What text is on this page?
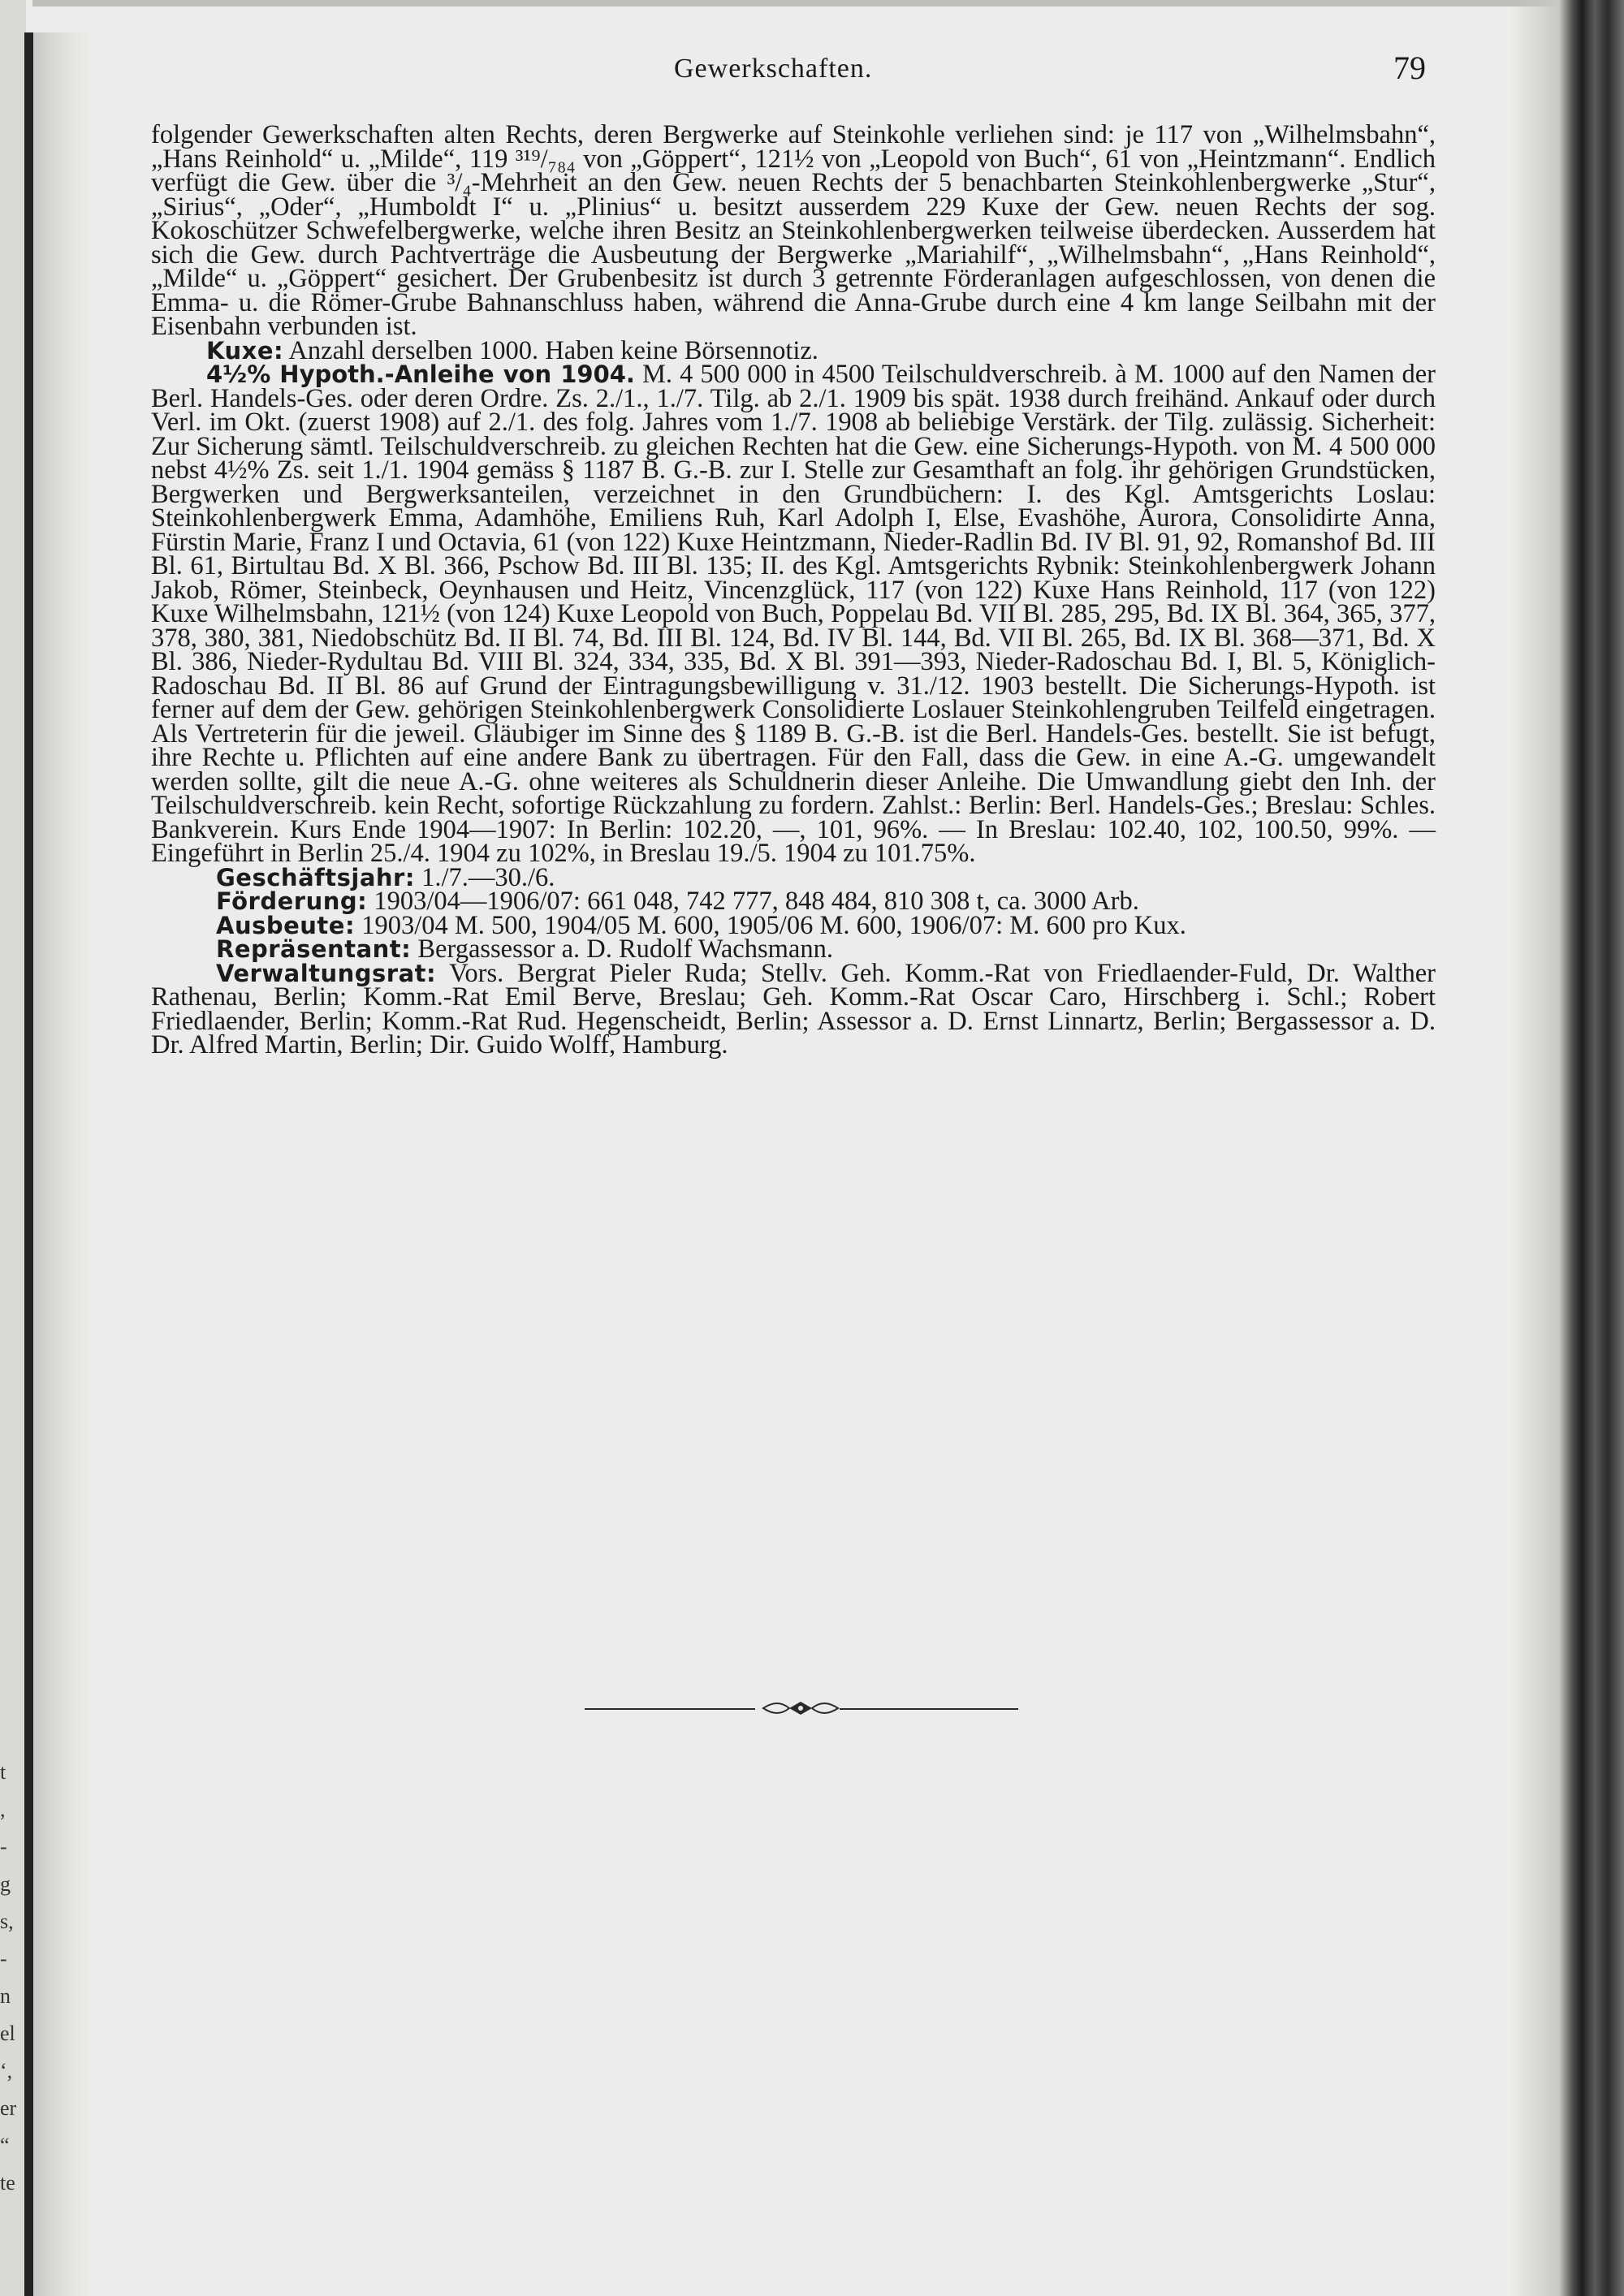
t
,
-
g
s,
-
n
el
‘,
er
“
te
Gewerkschaften.	79

folgender Gewerkschaften alten Rechts, deren Bergwerke auf Steinkohle verliehen sind: je 117 von „Wilhelmsbahn“, „Hans Reinhold“ u. „Milde“, 119 ³¹⁹/₇₈₄ von „Göppert“, 121½ von „Leopold von Buch“, 61 von „Heintzmann“. Endlich verfügt die Gew. über die ³/₄-Mehrheit an den Gew. neuen Rechts der 5 benachbarten Steinkohlenbergwerke „Stur“, „Sirius“, „Oder“, „Humboldt I“ u. „Plinius“ u. besitzt ausserdem 229 Kuxe der Gew. neuen Rechts der sog. Kokoschützer Schwefelbergwerke, welche ihren Besitz an Steinkohlenbergwerken teilweise überdecken. Ausserdem hat sich die Gew. durch Pachtverträge die Ausbeutung der Bergwerke „Mariahilf“, „Wilhelmsbahn“, „Hans Reinhold“, „Milde“ u. „Göppert“ gesichert. Der Grubenbesitz ist durch 3 getrennte Förderanlagen aufgeschlossen, von denen die Emma- u. die Römer-Grube Bahnanschluss haben, während die Anna-Grube durch eine 4 km lange Seilbahn mit der Eisenbahn verbunden ist.

Kuxe: Anzahl derselben 1000. Haben keine Börsennotiz.

4½% Hypoth.-Anleihe von 1904. M. 4 500 000 in 4500 Teilschuldverschreib. à M. 1000 auf den Namen der Berl. Handels-Ges. oder deren Ordre. Zs. 2./1., 1./7. Tilg. ab 2./1. 1909 bis spät. 1938 durch freihänd. Ankauf oder durch Verl. im Okt. (zuerst 1908) auf 2./1. des folg. Jahres vom 1./7. 1908 ab beliebige Verstärk. der Tilg. zulässig. Sicherheit: Zur Sicherung sämtl. Teilschuldverschreib. zu gleichen Rechten hat die Gew. eine Sicherungs-Hypoth. von M. 4 500 000 nebst 4½% Zs. seit 1./1. 1904 gemäss § 1187 B. G.-B. zur I. Stelle zur Gesamthaft an folg. ihr gehörigen Grundstücken, Bergwerken und Bergwerksanteilen, verzeichnet in den Grundbüchern: I. des Kgl. Amtsgerichts Loslau: Steinkohlenbergwerk Emma, Adamhöhe, Emiliens Ruh, Karl Adolph I, Else, Evashöhe, Aurora, Consolidirte Anna, Fürstin Marie, Franz I und Octavia, 61 (von 122) Kuxe Heintzmann, Nieder-Radlin Bd. IV Bl. 91, 92, Romanshof Bd. III Bl. 61, Birtultau Bd. X Bl. 366, Pschow Bd. III Bl. 135; II. des Kgl. Amtsgerichts Rybnik: Steinkohlenbergwerk Johann Jakob, Römer, Steinbeck, Oeynhausen und Heitz, Vincenzglück, 117 (von 122) Kuxe Hans Reinhold, 117 (von 122) Kuxe Wilhelmsbahn, 121½ (von 124) Kuxe Leopold von Buch, Poppelau Bd. VII Bl. 285, 295, Bd. IX Bl. 364, 365, 377, 378, 380, 381, Niedobschütz Bd. II Bl. 74, Bd. III Bl. 124, Bd. IV Bl. 144, Bd. VII Bl. 265, Bd. IX Bl. 368—371, Bd. X Bl. 386, Nieder-Rydultau Bd. VIII Bl. 324, 334, 335, Bd. X Bl. 391—393, Nieder-Radoschau Bd. I, Bl. 5, Königlich-Radoschau Bd. II Bl. 86 auf Grund der Eintragungsbewilligung v. 31./12. 1903 bestellt. Die Sicherungs-Hypoth. ist ferner auf dem der Gew. gehörigen Steinkohlenbergwerk Consolidierte Loslauer Steinkohlengruben Teilfeld eingetragen. Als Vertreterin für die jeweil. Gläubiger im Sinne des § 1189 B. G.-B. ist die Berl. Handels-Ges. bestellt. Sie ist befugt, ihre Rechte u. Pflichten auf eine andere Bank zu übertragen. Für den Fall, dass die Gew. in eine A.-G. umgewandelt werden sollte, gilt die neue A.-G. ohne weiteres als Schuldnerin dieser Anleihe. Die Umwandlung giebt den Inh. der Teilschuldverschreib. kein Recht, sofortige Rückzahlung zu fordern. Zahlst.: Berlin: Berl. Handels-Ges.; Breslau: Schles. Bankverein. Kurs Ende 1904—1907: In Berlin: 102.20, —, 101, 96%. — In Breslau: 102.40, 102, 100.50, 99%. — Eingeführt in Berlin 25./4. 1904 zu 102%, in Breslau 19./5. 1904 zu 101.75%.

Geschäftsjahr: 1./7.—30./6.

Förderung: 1903/04—1906/07: 661 048, 742 777, 848 484, 810 308 t, ca. 3000 Arb.

Ausbeute: 1903/04 M. 500, 1904/05 M. 600, 1905/06 M. 600, 1906/07: M. 600 pro Kux.

Repräsentant: Bergassessor a. D. Rudolf Wachsmann.

Verwaltungsrat: Vors. Bergrat Pieler Ruda; Stellv. Geh. Komm.-Rat von Friedlaender-Fuld, Dr. Walther Rathenau, Berlin; Komm.-Rat Emil Berve, Breslau; Geh. Komm.-Rat Oscar Caro, Hirschberg i. Schl.; Robert Friedlaender, Berlin; Komm.-Rat Rud. Hegenscheidt, Berlin; Assessor a. D. Ernst Linnartz, Berlin; Bergassessor a. D. Dr. Alfred Martin, Berlin; Dir. Guido Wolff, Hamburg.
